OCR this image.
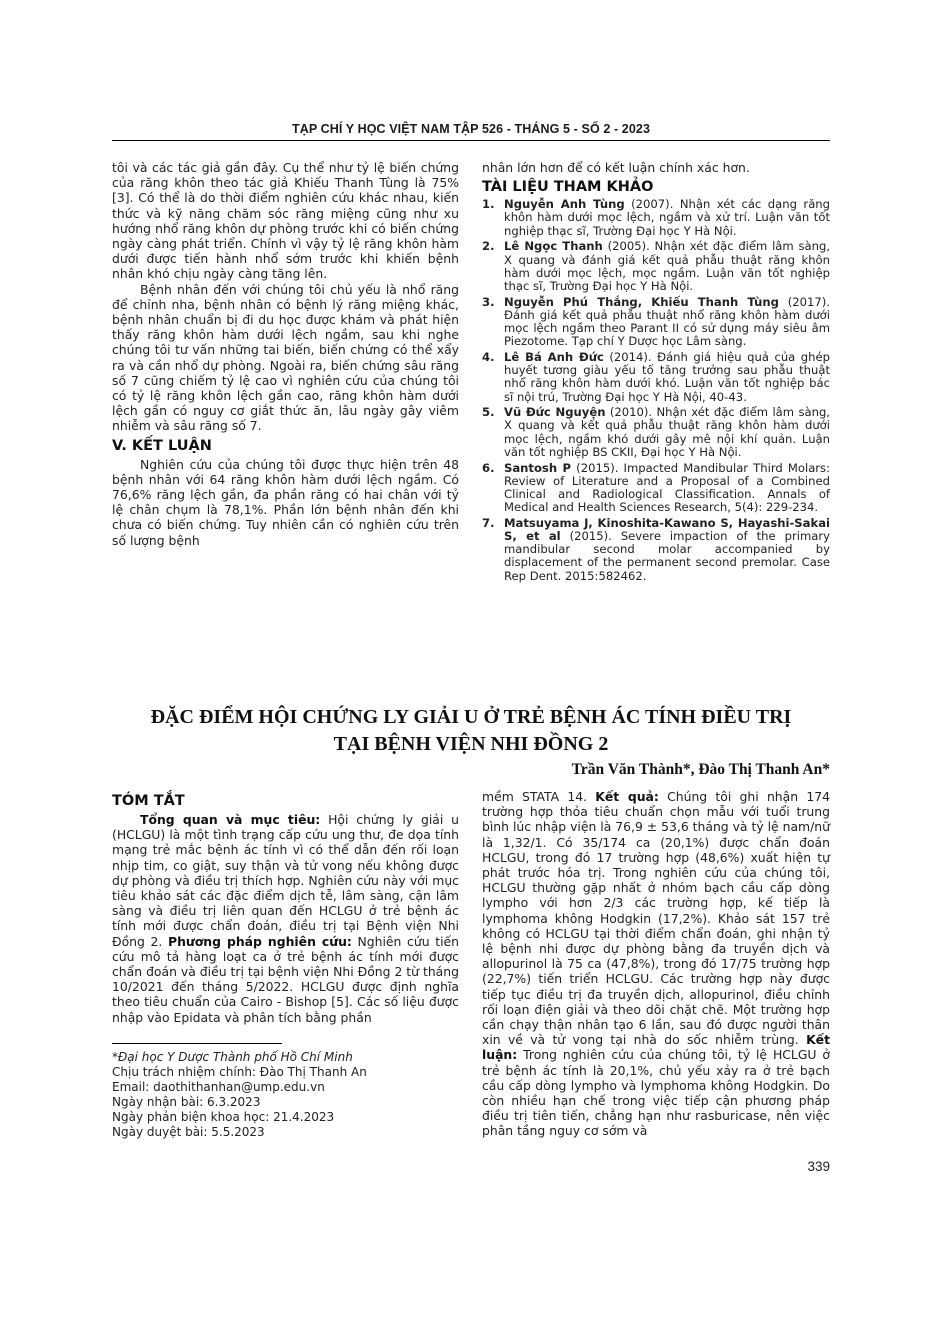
TẠP CHÍ Y HỌC VIỆT NAM TẬP 526 - THÁNG 5 - SỐ 2 - 2023

tôi và các tác giả gần đây. Cụ thể như tỷ lệ biến chứng của răng khôn theo tác giả Khiếu Thanh Tùng là 75% [3]. Có thể là do thời điểm nghiên cứu khác nhau, kiến thức và kỹ năng chăm sóc răng miệng cũng như xu hướng nhổ răng khôn dự phòng trước khi có biến chứng ngày càng phát triển. Chính vì vậy tỷ lệ răng khôn hàm dưới được tiến hành nhổ sớm trước khi khiến bệnh nhân khó chịu ngày càng tăng lên.

Bệnh nhân đến với chúng tôi chủ yếu là nhổ răng để chỉnh nha, bệnh nhân có bệnh lý răng miệng khác, bệnh nhân chuẩn bị đi du học được khám và phát hiện thấy răng khôn hàm dưới lệch ngầm, sau khi nghe chúng tôi tư vấn những tai biến, biến chứng có thể xẩy ra và cần nhổ dự phòng. Ngoài ra, biến chứng sâu răng số 7 cũng chiếm tỷ lệ cao vì nghiên cứu của chúng tôi có tỷ lệ răng khôn lệch gần cao, răng khôn hàm dưới lệch gần có nguy cơ giắt thức ăn, lâu ngày gây viêm nhiễm và sâu răng số 7.

V. KẾT LUẬN

Nghiên cứu của chúng tôi được thực hiện trên 48 bệnh nhân với 64 răng khôn hàm dưới lệch ngầm. Có 76,6% răng lệch gần, đa phần răng có hai chân với tỷ lệ chân chụm là 78,1%. Phần lớn bệnh nhân đến khi chưa có biến chứng. Tuy nhiên cần có nghiên cứu trên số lượng bệnh

nhân lớn hơn để có kết luận chính xác hơn.

TÀI LIỆU THAM KHẢO
1. Nguyễn Anh Tùng (2007). Nhận xét các dạng răng khôn hàm dưới mọc lệch, ngầm và xử trí. Luận văn tốt nghiệp thạc sĩ, Trường Đại học Y Hà Nội.
2. Lê Ngọc Thanh (2005). Nhận xét đặc điểm lâm sàng, X quang và đánh giá kết quả phẫu thuật răng khôn hàm dưới mọc lệch, mọc ngầm. Luận văn tốt nghiệp thạc sĩ, Trường Đại học Y Hà Nội.
3. Nguyễn Phú Thắng, Khiếu Thanh Tùng (2017). Đánh giá kết quả phẫu thuật nhổ răng khôn hàm dưới mọc lệch ngầm theo Parant II có sử dụng máy siêu âm Piezotome. Tạp chí Y Dược học Lâm sàng.
4. Lê Bá Anh Đức (2014). Đánh giá hiệu quả của ghép huyết tương giàu yếu tố tăng trưởng sau phẫu thuật nhổ răng khôn hàm dưới khó. Luận văn tốt nghiệp bác sĩ nội trú, Trường Đại học Y Hà Nội, 40-43.
5. Vũ Đức Nguyện (2010). Nhận xét đặc điểm lâm sàng, X quang và kết quả phẫu thuật răng khôn hàm dưới mọc lệch, ngầm khó dưới gây mê nội khí quản. Luận văn tốt nghiệp BS CKII, Đại học Y Hà Nội.
6. Santosh P (2015). Impacted Mandibular Third Molars: Review of Literature and a Proposal of a Combined Clinical and Radiological Classification. Annals of Medical and Health Sciences Research, 5(4): 229-234.
7. Matsuyama J, Kinoshita-Kawano S, Hayashi-Sakai S, et al (2015). Severe impaction of the primary mandibular second molar accompanied by displacement of the permanent second premolar. Case Rep Dent. 2015:582462.
ĐẶC ĐIỂM HỘI CHỨNG LY GIẢI U Ở TRẺ BỆNH ÁC TÍNH ĐIỀU TRỊ
TẠI BỆNH VIỆN NHI ĐỒNG 2
Trần Văn Thành*, Đào Thị Thanh An*
TÓM TẮT

Tổng quan và mục tiêu: Hội chứng ly giải u (HCLGU) là một tình trạng cấp cứu ung thư, đe dọa tính mạng trẻ mắc bệnh ác tính vì có thể dẫn đến rối loạn nhịp tim, co giật, suy thận và tử vong nếu không được dự phòng và điều trị thích hợp. Nghiên cứu này với mục tiêu khảo sát các đặc điểm dịch tễ, lâm sàng, cận lâm sàng và điều trị liên quan đến HCLGU ở trẻ bệnh ác tính mới được chẩn đoán, điều trị tại Bệnh viện Nhi Đồng 2. Phương pháp nghiên cứu: Nghiên cứu tiến cứu mô tả hàng loạt ca ở trẻ bệnh ác tính mới được chẩn đoán và điều trị tại bệnh viện Nhi Đồng 2 từ tháng 10/2021 đến tháng 5/2022. HCLGU được định nghĩa theo tiêu chuẩn của Cairo - Bishop [5]. Các số liệu được nhập vào Epidata và phân tích bằng phần

*Đại học Y Dược Thành phố Hồ Chí Minh
Chịu trách nhiệm chính: Đào Thị Thanh An
Email: daothithanhan@ump.edu.vn
Ngày nhận bài: 6.3.2023
Ngày phản biện khoa học: 21.4.2023
Ngày duyệt bài: 5.5.2023

mềm STATA 14. Kết quả: Chúng tôi ghi nhận 174 trường hợp thỏa tiêu chuẩn chọn mẫu với tuổi trung bình lúc nhập viện là 76,9 ± 53,6 tháng và tỷ lệ nam/nữ là 1,32/1. Có 35/174 ca (20,1%) được chẩn đoán HCLGU, trong đó 17 trường hợp (48,6%) xuất hiện tự phát trước hóa trị. Trong nghiên cứu của chúng tôi, HCLGU thường gặp nhất ở nhóm bạch cầu cấp dòng lympho với hơn 2/3 các trường hợp, kế tiếp là lymphoma không Hodgkin (17,2%). Khảo sát 157 trẻ không có HCLGU tại thời điểm chẩn đoán, ghi nhận tỷ lệ bệnh nhi được dự phòng bằng đa truyền dịch và allopurinol là 75 ca (47,8%), trong đó 17/75 trường hợp (22,7%) tiến triển HCLGU. Các trường hợp này được tiếp tục điều trị đa truyền dịch, allopurinol, điều chỉnh rối loạn điện giải và theo dõi chặt chẽ. Một trường hợp cần chạy thận nhân tạo 6 lần, sau đó được người thân xin về và tử vong tại nhà do sốc nhiễm trùng. Kết luận: Trong nghiên cứu của chúng tôi, tỷ lệ HCLGU ở trẻ bệnh ác tính là 20,1%, chủ yếu xảy ra ở trẻ bạch cầu cấp dòng lympho và lymphoma không Hodgkin. Do còn nhiều hạn chế trong việc tiếp cận phương pháp điều trị tiên tiến, chẳng hạn như rasburicase, nên việc phân tầng nguy cơ sớm và

339
